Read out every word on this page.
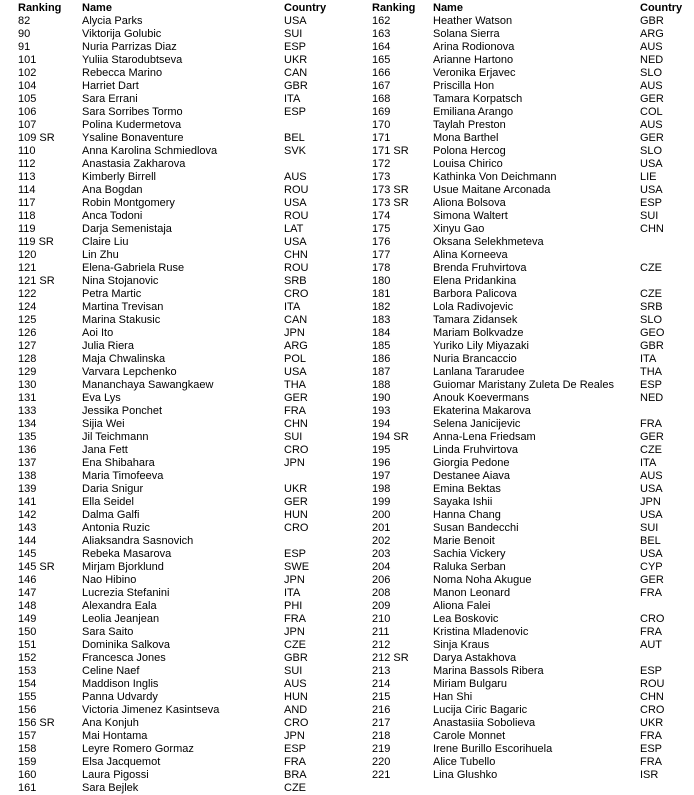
Ranking	Name	Country
82	Alycia Parks	USA
90	Viktorija Golubic	SUI
91	Nuria Parrizas Diaz	ESP
101	Yuliia Starodubtseva	UKR
102	Rebecca Marino	CAN
104	Harriet Dart	GBR
105	Sara Errani	ITA
106	Sara Sorribes Tormo	ESP
107	Polina Kudermetova
109 SR	Ysaline Bonaventure	BEL
110	Anna Karolina Schmiedlova	SVK
112	Anastasia Zakharova
113	Kimberly Birrell	AUS
114	Ana Bogdan	ROU
117	Robin Montgomery	USA
118	Anca Todoni	ROU
119	Darja Semenistaja	LAT
119 SR	Claire Liu	USA
120	Lin Zhu	CHN
121	Elena-Gabriela Ruse	ROU
121 SR	Nina Stojanovic	SRB
122	Petra Martic	CRO
124	Martina Trevisan	ITA
125	Marina Stakusic	CAN
126	Aoi Ito	JPN
127	Julia Riera	ARG
128	Maja Chwalinska	POL
129	Varvara Lepchenko	USA
130	Mananchaya Sawangkaew	THA
131	Eva Lys	GER
133	Jessika Ponchet	FRA
134	Sijia Wei	CHN
135	Jil Teichmann	SUI
136	Jana Fett	CRO
137	Ena Shibahara	JPN
138	Maria Timofeeva
139	Daria Snigur	UKR
141	Ella Seidel	GER
142	Dalma Galfi	HUN
143	Antonia Ruzic	CRO
144	Aliaksandra Sasnovich
145	Rebeka Masarova	ESP
145 SR	Mirjam Bjorklund	SWE
146	Nao Hibino	JPN
147	Lucrezia Stefanini	ITA
148	Alexandra Eala	PHI
149	Leolia Jeanjean	FRA
150	Sara Saito	JPN
151	Dominika Salkova	CZE
152	Francesca Jones	GBR
153	Celine Naef	SUI
154	Maddison Inglis	AUS
155	Panna Udvardy	HUN
156	Victoria Jimenez Kasintseva	AND
156 SR	Ana Konjuh	CRO
157	Mai Hontama	JPN
158	Leyre Romero Gormaz	ESP
159	Elsa Jacquemot	FRA
160	Laura Pigossi	BRA
161	Sara Bejlek	CZE
Ranking	Name	Country
162	Heather Watson	GBR
163	Solana Sierra	ARG
164	Arina Rodionova	AUS
165	Arianne Hartono	NED
166	Veronika Erjavec	SLO
167	Priscilla Hon	AUS
168	Tamara Korpatsch	GER
169	Emiliana Arango	COL
170	Taylah Preston	AUS
171	Mona Barthel	GER
171 SR	Polona Hercog	SLO
172	Louisa Chirico	USA
173	Kathinka Von Deichmann	LIE
173 SR	Usue Maitane Arconada	USA
173 SR	Aliona Bolsova	ESP
174	Simona Waltert	SUI
175	Xinyu Gao	CHN
176	Oksana Selekhmeteva
177	Alina Korneeva
178	Brenda Fruhvirtova	CZE
180	Elena Pridankina
181	Barbora Palicova	CZE
182	Lola Radivojevic	SRB
183	Tamara Zidansek	SLO
184	Mariam Bolkvadze	GEO
185	Yuriko Lily Miyazaki	GBR
186	Nuria Brancaccio	ITA
187	Lanlana Tararudee	THA
188	Guiomar Maristany Zuleta De Reales	ESP
190	Anouk Koevermans	NED
193	Ekaterina Makarova
194	Selena Janicijevic	FRA
194 SR	Anna-Lena Friedsam	GER
195	Linda Fruhvirtova	CZE
196	Giorgia Pedone	ITA
197	Destanee Aiava	AUS
198	Emina Bektas	USA
199	Sayaka Ishii	JPN
200	Hanna Chang	USA
201	Susan Bandecchi	SUI
202	Marie Benoit	BEL
203	Sachia Vickery	USA
204	Raluka Serban	CYP
206	Noma Noha Akugue	GER
208	Manon Leonard	FRA
209	Aliona Falei
210	Lea Boskovic	CRO
211	Kristina Mladenovic	FRA
212	Sinja Kraus	AUT
212 SR	Darya Astakhova
213	Marina Bassols Ribera	ESP
214	Miriam Bulgaru	ROU
215	Han Shi	CHN
216	Lucija Ciric Bagaric	CRO
217	Anastasiia Sobolieva	UKR
218	Carole Monnet	FRA
219	Irene Burillo Escorihuela	ESP
220	Alice Tubello	FRA
221	Lina Glushko	ISR
